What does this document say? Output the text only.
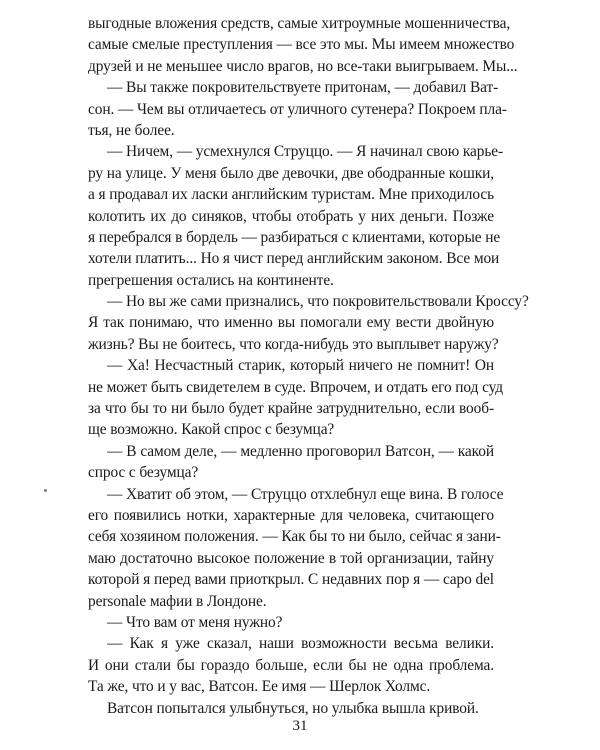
выгодные вложения средств, самые хитроумные мошенничества,
самые смелые преступления — все это мы. Мы имеем множество
друзей и не меньшее число врагов, но все-таки выигрываем. Мы...
— Вы также покровительствуете притонам, — добавил Ват-
сон. — Чем вы отличаетесь от уличного сутенера? Покроем пла-
тья, не более.
— Ничем, — усмехнулся Струццо. — Я начинал свою карье-
ру на улице. У меня было две девочки, две ободранные кошки,
а я продавал их ласки английским туристам. Мне приходилось
колотить их до синяков, чтобы отобрать у них деньги. Позже
я перебрался в бордель — разбираться с клиентами, которые не
хотели платить... Но я чист перед английским законом. Все мои
прегрешения остались на континенте.
— Но вы же сами признались, что покровительствовали Кроссу?
Я так понимаю, что именно вы помогали ему вести двойную
жизнь? Вы не боитесь, что когда-нибудь это выплывет наружу?
— Ха! Несчастный старик, который ничего не помнит! Он
не может быть свидетелем в суде. Впрочем, и отдать его под суд
за что бы то ни было будет крайне затруднительно, если вооб-
ще возможно. Какой спрос с безумца?
— В самом деле, — медленно проговорил Ватсон, — какой
спрос с безумца?
— Хватит об этом, — Струццо отхлебнул еще вина. В голосе
его появились нотки, характерные для человека, считающего
себя хозяином положения. — Как бы то ни было, сейчас я зани-
маю достаточно высокое положение в той организации, тайну
которой я перед вами приоткрыл. С недавних пор я — capo del
personale мафии в Лондоне.
— Что вам от меня нужно?
— Как я уже сказал, наши возможности весьма велики.
И они стали бы гораздо больше, если бы не одна проблема.
Та же, что и у вас, Ватсон. Ее имя — Шерлок Холмс.
Ватсон попытался улыбнуться, но улыбка вышла кривой.
31
